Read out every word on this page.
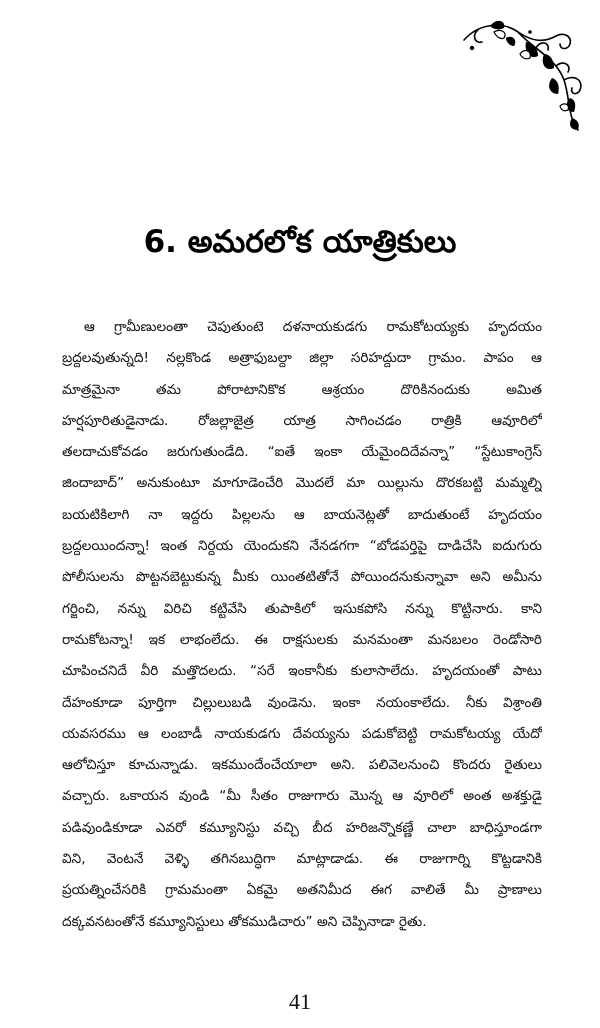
6. అమరలోక యాత్రికులు
ఆ గ్రామీణులంతా చెపుతుంటె దళనాయకుడగు రామకోటయ్యకు హృదయం
బ్రద్దలవుతున్నది! నల్లకొండ అత్రాఫుబల్దా జిల్లా సరిహద్దుదా గ్రామం. పాపం ఆ
మాత్రమైనా తమ పోరాటానికొక ఆశ్రయం దొరికినందుకు అమిత
హర్షపూరితుడైనాడు. రోజల్లాజైత్ర యాత్ర సాగించడం రాత్రికి ఆవూరిలో
తలదాచుకోవడం జరుగుతుండేది. “ఐతే ఇంకా యేమైందిదేవన్నా” “స్టేటుకాంగ్రెస్
జిందాబాద్” అనుకుంటూ మాగూడెంచేరి మొదలే మా యిల్లును దొరకబట్టి మమ్మల్ని
బయటికిలాగి నా ఇద్దరు పిల్లలను ఆ బాయనెట్లతో బాదుతుంటే హృదయం
బ్రద్దలయిందన్నా! ఇంత నిర్దయ యెందుకని నేనడగగా “బోడపర్తిపై దాడిచేసి ఐదుగురు
పోలీసులను పొట్టనబెట్టుకున్న మీకు యింతటితోనే పోయిందనుకున్నావా అని అమీను
గర్జించి, నన్ను విరిచి కట్టివేసి తుపాకిలో ఇసుకపోసి నన్ను కొట్టినారు. కాని
రామకోటన్నా! ఇక లాభంలేదు. ఈ రాక్షసులకు మనమంతా మనబలం రెండోసారి
చూపించనిదే వీరి మత్తొదలదు. “సరే ఇంకానీకు కులాసాలేదు. హృదయంతో పాటు
దేహంకూడా పూర్తిగా చిల్లులుబడి వుండెను. ఇంకా నయంకాలేదు. నీకు విశ్రాంతి
యవసరము ఆ లంబాడీ నాయకుడగు దేవయ్యను పడుకోబెట్టి రామకోటయ్య యేదో
ఆలోచిస్తూ కూచున్నాడు. ఇకముందేంచేయాలా అని. పలివెలనుంచి కొందరు రైతులు
వచ్చారు. ఒకాయన వుండి “మీ సీతం రాజుగారు మొన్న ఆ వూరిలో అంత అశక్తుడై
పడివుండికూడా ఎవరో కమ్యూనిస్టు వచ్చి బీద హరిజన్నొకణ్ణే చాలా బాధిస్తూండగా
విని, వెంటనే వెళ్ళి తగినబుద్ధిగా మాట్లాడాడు. ఈ రాజుగార్ని కొట్టడానికి
ప్రయత్నించేసరికి గ్రామమంతా ఏకమై అతనిమీద ఈగ వాలితే మీ ప్రాణాలు
దక్కవనటంతోనే కమ్యూనిస్టులు తోకముడిచారు” అని చెప్పినాడా రైతు.
41
